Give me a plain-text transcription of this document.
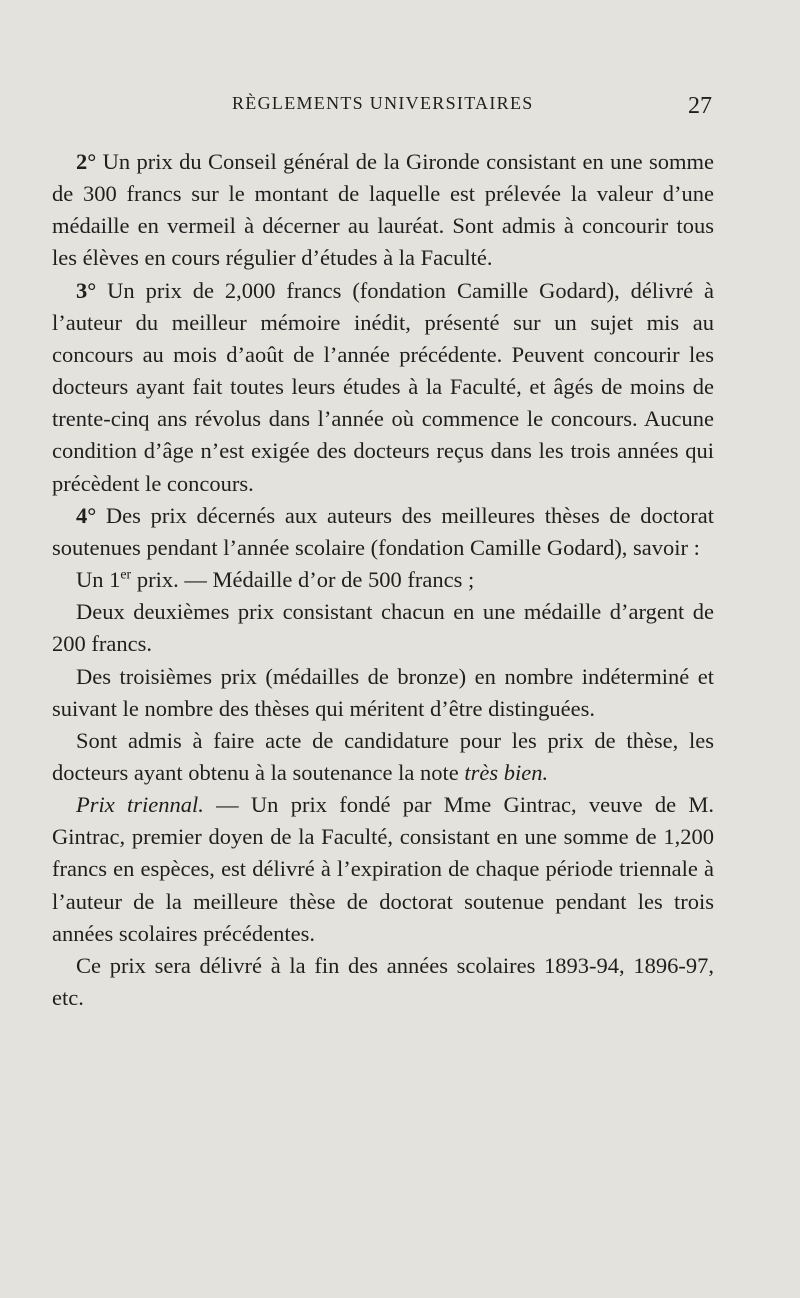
RÈGLEMENTS UNIVERSITAIRES	27

2° Un prix du Conseil général de la Gironde consistant en une somme de 300 francs sur le montant de laquelle est prélevée la valeur d’une médaille en vermeil à décerner au lauréat. Sont admis à concourir tous les élèves en cours régulier d’études à la Faculté.

3° Un prix de 2,000 francs (fondation Camille Godard), délivré à l’auteur du meilleur mémoire inédit, présenté sur un sujet mis au concours au mois d’août de l’année précédente. Peuvent concourir les docteurs ayant fait toutes leurs études à la Faculté, et âgés de moins de trente-cinq ans révolus dans l’année où commence le concours. Aucune condition d’âge n’est exigée des docteurs reçus dans les trois années qui précèdent le concours.

4° Des prix décernés aux auteurs des meilleures thèses de doctorat soutenues pendant l’année scolaire (fondation Camille Godard), savoir :

Un 1er prix. — Médaille d’or de 500 francs ;

Deux deuxièmes prix consistant chacun en une médaille d’argent de 200 francs.

Des troisièmes prix (médailles de bronze) en nombre indéterminé et suivant le nombre des thèses qui méritent d’être distinguées.

Sont admis à faire acte de candidature pour les prix de thèse, les docteurs ayant obtenu à la soutenance la note très bien.

Prix triennal. — Un prix fondé par Mme Gintrac, veuve de M. Gintrac, premier doyen de la Faculté, consistant en une somme de 1,200 francs en espèces, est délivré à l’expiration de chaque période triennale à l’auteur de la meilleure thèse de doctorat soutenue pendant les trois années scolaires précédentes.

Ce prix sera délivré à la fin des années scolaires 1893-94, 1896-97, etc.
